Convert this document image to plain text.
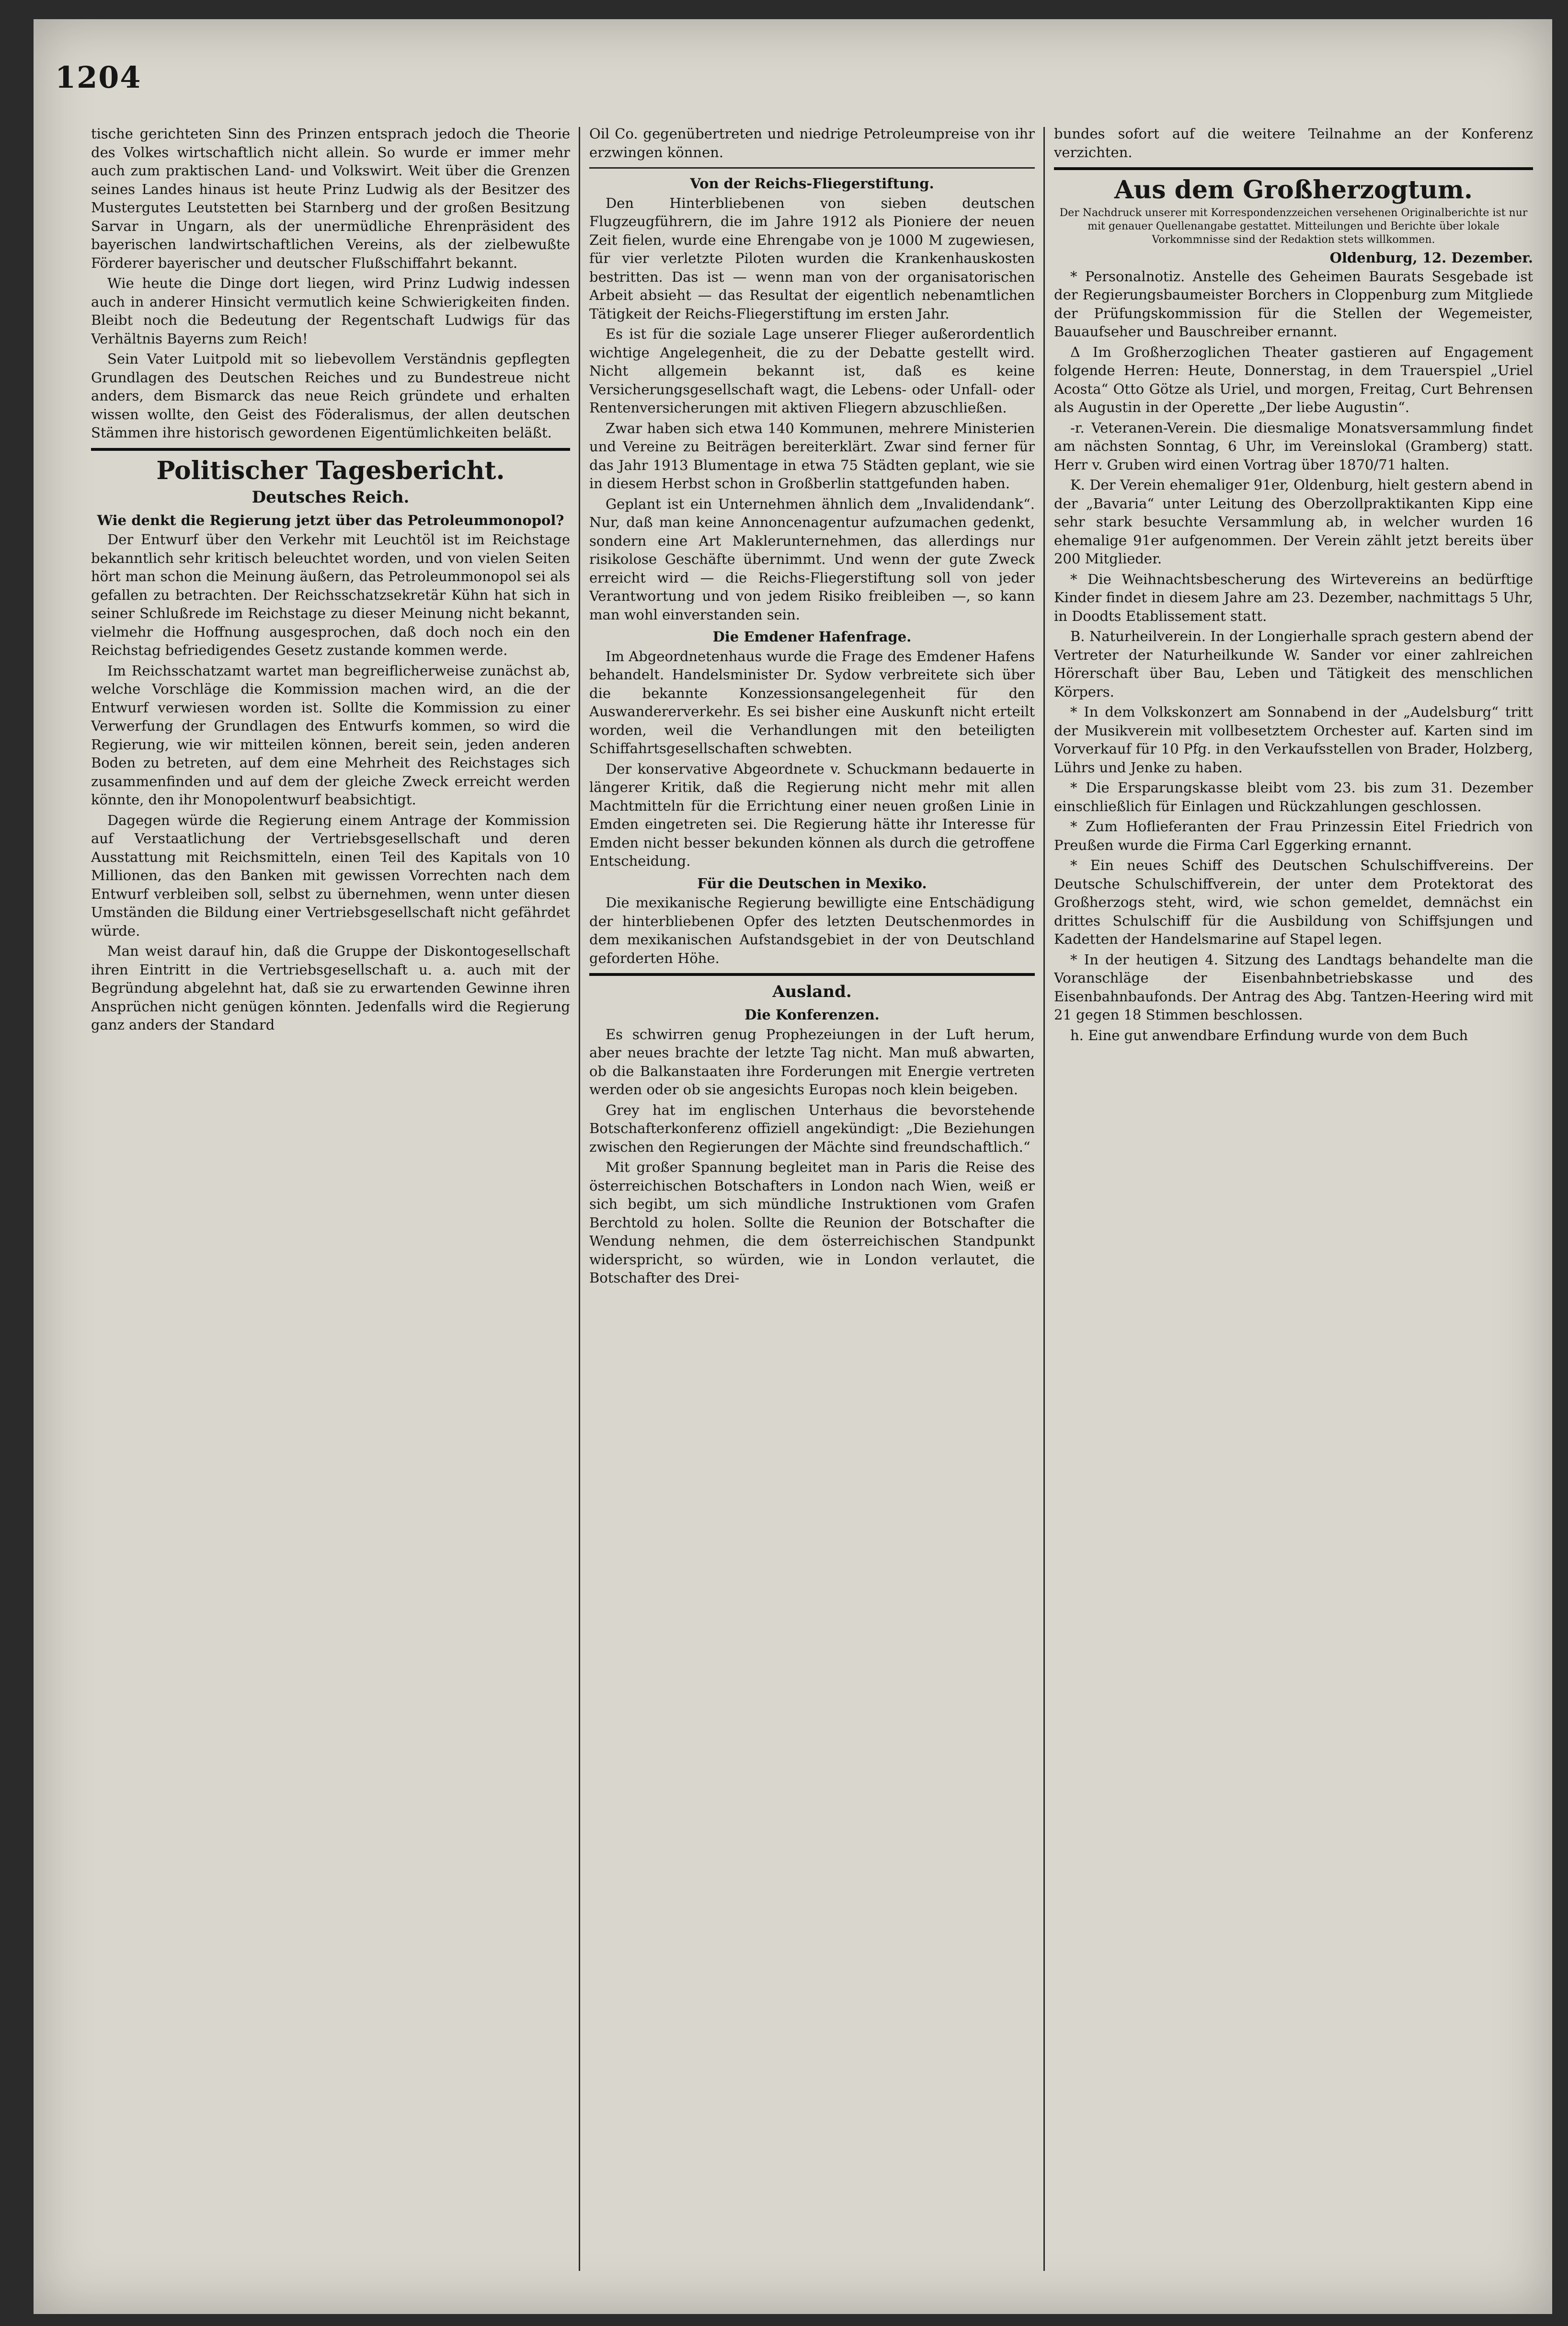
1204

tische gerichteten Sinn des Prinzen entsprach jedoch die Theorie des Volkes wirtschaftlich nicht allein. So wurde er immer mehr auch zum praktischen Land- und Volkswirt. Weit über die Grenzen seines Landes hinaus ist heute Prinz Ludwig als der Besitzer des Mustergutes Leutstetten bei Starnberg und der großen Besitzung Sarvar in Ungarn, als der unermüdliche Ehrenpräsident des bayerischen landwirtschaftlichen Vereins, als der zielbewußte Förderer bayerischer und deutscher Flußschiffahrt bekannt.

Wie heute die Dinge dort liegen, wird Prinz Ludwig indessen auch in anderer Hinsicht vermutlich keine Schwierigkeiten finden. Bleibt noch die Bedeutung der Regentschaft Ludwigs für das Verhältnis Bayerns zum Reich!

Sein Vater Luitpold mit so liebevollem Verständnis gepflegten Grundlagen des Deutschen Reiches und zu Bundestreue nicht anders, dem Bismarck das neue Reich gründete und erhalten wissen wollte, den Geist des Föderalismus, der allen deutschen Stämmen ihre historisch gewordenen Eigentümlichkeiten beläßt.

Politischer Tagesbericht.
Deutsches Reich.
Wie denkt die Regierung jetzt über das Petroleummonopol?

Der Entwurf über den Verkehr mit Leuchtöl ist im Reichstage bekanntlich sehr kritisch beleuchtet worden, und von vielen Seiten hört man schon die Meinung äußern, das Petroleummonopol sei als gefallen zu betrachten. Der Reichsschatzsekretär Kühn hat sich in seiner Schlußrede im Reichstage zu dieser Meinung nicht bekannt, vielmehr die Hoffnung ausgesprochen, daß doch noch ein den Reichstag befriedigendes Gesetz zustande kommen werde.

Im Reichsschatzamt wartet man begreiflicherweise zunächst ab, welche Vorschläge die Kommission machen wird, an die der Entwurf verwiesen worden ist. Sollte die Kommission zu einer Verwerfung der Grundlagen des Entwurfs kommen, so wird die Regierung, wie wir mitteilen können, bereit sein, jeden anderen Boden zu betreten, auf dem eine Mehrheit des Reichstages sich zusammenfinden und auf dem der gleiche Zweck erreicht werden könnte, den ihr Monopolentwurf beabsichtigt.

Dagegen würde die Regierung einem Antrage der Kommission auf Verstaatlichung der Vertriebsgesellschaft und deren Ausstattung mit Reichsmitteln, einen Teil des Kapitals von 10 Millionen, das den Banken mit gewissen Vorrechten nach dem Entwurf verbleiben soll, selbst zu übernehmen, wenn unter diesen Umständen die Bildung einer Vertriebsgesellschaft nicht gefährdet würde.

Man weist darauf hin, daß die Gruppe der Diskontogesellschaft ihren Eintritt in die Vertriebsgesellschaft u. a. auch mit der Begründung abgelehnt hat, daß sie zu erwartenden Gewinne ihren Ansprüchen nicht genügen könnten. Jedenfalls wird die Regierung ganz anders der Standard

Oil Co. gegenübertreten und niedrige Petroleumpreise von ihr erzwingen können.

Von der Reichs-Fliegerstiftung.

Den Hinterbliebenen von sieben deutschen Flugzeugführern, die im Jahre 1912 als Pioniere der neuen Zeit fielen, wurde eine Ehrengabe von je 1000 M zugewiesen, für vier verletzte Piloten wurden die Krankenhauskosten bestritten. Das ist — wenn man von der organisatorischen Arbeit absieht — das Resultat der eigentlich nebenamtlichen Tätigkeit der Reichs-Fliegerstiftung im ersten Jahr.

Es ist für die soziale Lage unserer Flieger außerordentlich wichtige Angelegenheit, die zu der Debatte gestellt wird. Nicht allgemein bekannt ist, daß es keine Versicherungsgesellschaft wagt, die Lebens- oder Unfall- oder Rentenversicherungen mit aktiven Fliegern abzuschließen.

Zwar haben sich etwa 140 Kommunen, mehrere Ministerien und Vereine zu Beiträgen bereiterklärt. Zwar sind ferner für das Jahr 1913 Blumentage in etwa 75 Städten geplant, wie sie in diesem Herbst schon in Großberlin stattgefunden haben.

Geplant ist ein Unternehmen ähnlich dem „Invalidendank“. Nur, daß man keine Annoncenagentur aufzumachen gedenkt, sondern eine Art Maklerunternehmen, das allerdings nur risikolose Geschäfte übernimmt. Und wenn der gute Zweck erreicht wird — die Reichs-Fliegerstiftung soll von jeder Verantwortung und von jedem Risiko freibleiben —, so kann man wohl einverstanden sein.

Die Emdener Hafenfrage.

Im Abgeordnetenhaus wurde die Frage des Emdener Hafens behandelt. Handelsminister Dr. Sydow verbreitete sich über die bekannte Konzessionsangelegenheit für den Auswandererverkehr. Es sei bisher eine Auskunft nicht erteilt worden, weil die Verhandlungen mit den beteiligten Schiffahrtsgesellschaften schwebten.

Der konservative Abgeordnete v. Schuckmann bedauerte in längerer Kritik, daß die Regierung nicht mehr mit allen Machtmitteln für die Errichtung einer neuen großen Linie in Emden eingetreten sei. Die Regierung hätte ihr Interesse für Emden nicht besser bekunden können als durch die getroffene Entscheidung.

Für die Deutschen in Mexiko.

Die mexikanische Regierung bewilligte eine Entschädigung der hinterbliebenen Opfer des letzten Deutschenmordes in dem mexikanischen Aufstandsgebiet in der von Deutschland geforderten Höhe.

Ausland.
Die Konferenzen.

Es schwirren genug Prophezeiungen in der Luft herum, aber neues brachte der letzte Tag nicht. Man muß abwarten, ob die Balkanstaaten ihre Forderungen mit Energie vertreten werden oder ob sie angesichts Europas noch klein beigeben.

Grey hat im englischen Unterhaus die bevorstehende Botschafterkonferenz offiziell angekündigt: „Die Beziehungen zwischen den Regierungen der Mächte sind freundschaftlich.“

Mit großer Spannung begleitet man in Paris die Reise des österreichischen Botschafters in London nach Wien, weiß er sich begibt, um sich mündliche Instruktionen vom Grafen Berchtold zu holen. Sollte die Reunion der Botschafter die Wendung nehmen, die dem österreichischen Standpunkt widerspricht, so würden, wie in London verlautet, die Botschafter des Drei-

bundes sofort auf die weitere Teilnahme an der Konferenz verzichten.

Aus dem Großherzogtum.
Der Nachdruck unserer mit Korrespondenzzeichen versehenen Originalberichte ist nur mit genauer Quellenangabe gestattet. Mitteilungen und Berichte über lokale Vorkommnisse sind der Redaktion stets willkommen.
Oldenburg, 12. Dezember.

* Personalnotiz. Anstelle des Geheimen Baurats Sesgebade ist der Regierungsbaumeister Borchers in Cloppenburg zum Mitgliede der Prüfungskommission für die Stellen der Wegemeister, Bauaufseher und Bauschreiber ernannt.

Δ Im Großherzoglichen Theater gastieren auf Engagement folgende Herren: Heute, Donnerstag, in dem Trauerspiel „Uriel Acosta“ Otto Götze als Uriel, und morgen, Freitag, Curt Behrensen als Augustin in der Operette „Der liebe Augustin“.

-r. Veteranen-Verein. Die diesmalige Monatsversammlung findet am nächsten Sonntag, 6 Uhr, im Vereinslokal (Gramberg) statt. Herr v. Gruben wird einen Vortrag über 1870/71 halten.

K. Der Verein ehemaliger 91er, Oldenburg, hielt gestern abend in der „Bavaria“ unter Leitung des Oberzollpraktikanten Kipp eine sehr stark besuchte Versammlung ab, in welcher wurden 16 ehemalige 91er aufgenommen. Der Verein zählt jetzt bereits über 200 Mitglieder.

* Die Weihnachtsbescherung des Wirtevereins an bedürftige Kinder findet in diesem Jahre am 23. Dezember, nachmittags 5 Uhr, in Doodts Etablissement statt.

B. Naturheilverein. In der Longierhalle sprach gestern abend der Vertreter der Naturheilkunde W. Sander vor einer zahlreichen Hörerschaft über Bau, Leben und Tätigkeit des menschlichen Körpers.

* In dem Volkskonzert am Sonnabend in der „Audelsburg“ tritt der Musikverein mit vollbesetztem Orchester auf. Karten sind im Vorverkauf für 10 Pfg. in den Verkaufsstellen von Brader, Holzberg, Lührs und Jenke zu haben.

* Die Ersparungskasse bleibt vom 23. bis zum 31. Dezember einschließlich für Einlagen und Rückzahlungen geschlossen.

* Zum Hoflieferanten der Frau Prinzessin Eitel Friedrich von Preußen wurde die Firma Carl Eggerking ernannt.

* Ein neues Schiff des Deutschen Schulschiffvereins. Der Deutsche Schulschiffverein, der unter dem Protektorat des Großherzogs steht, wird, wie schon gemeldet, demnächst ein drittes Schulschiff für die Ausbildung von Schiffsjungen und Kadetten der Handelsmarine auf Stapel legen.

* In der heutigen 4. Sitzung des Landtags behandelte man die Voranschläge der Eisenbahnbetriebskasse und des Eisenbahnbaufonds. Der Antrag des Abg. Tantzen-Heering wird mit 21 gegen 18 Stimmen beschlossen.

h. Eine gut anwendbare Erfindung wurde von dem Buch
